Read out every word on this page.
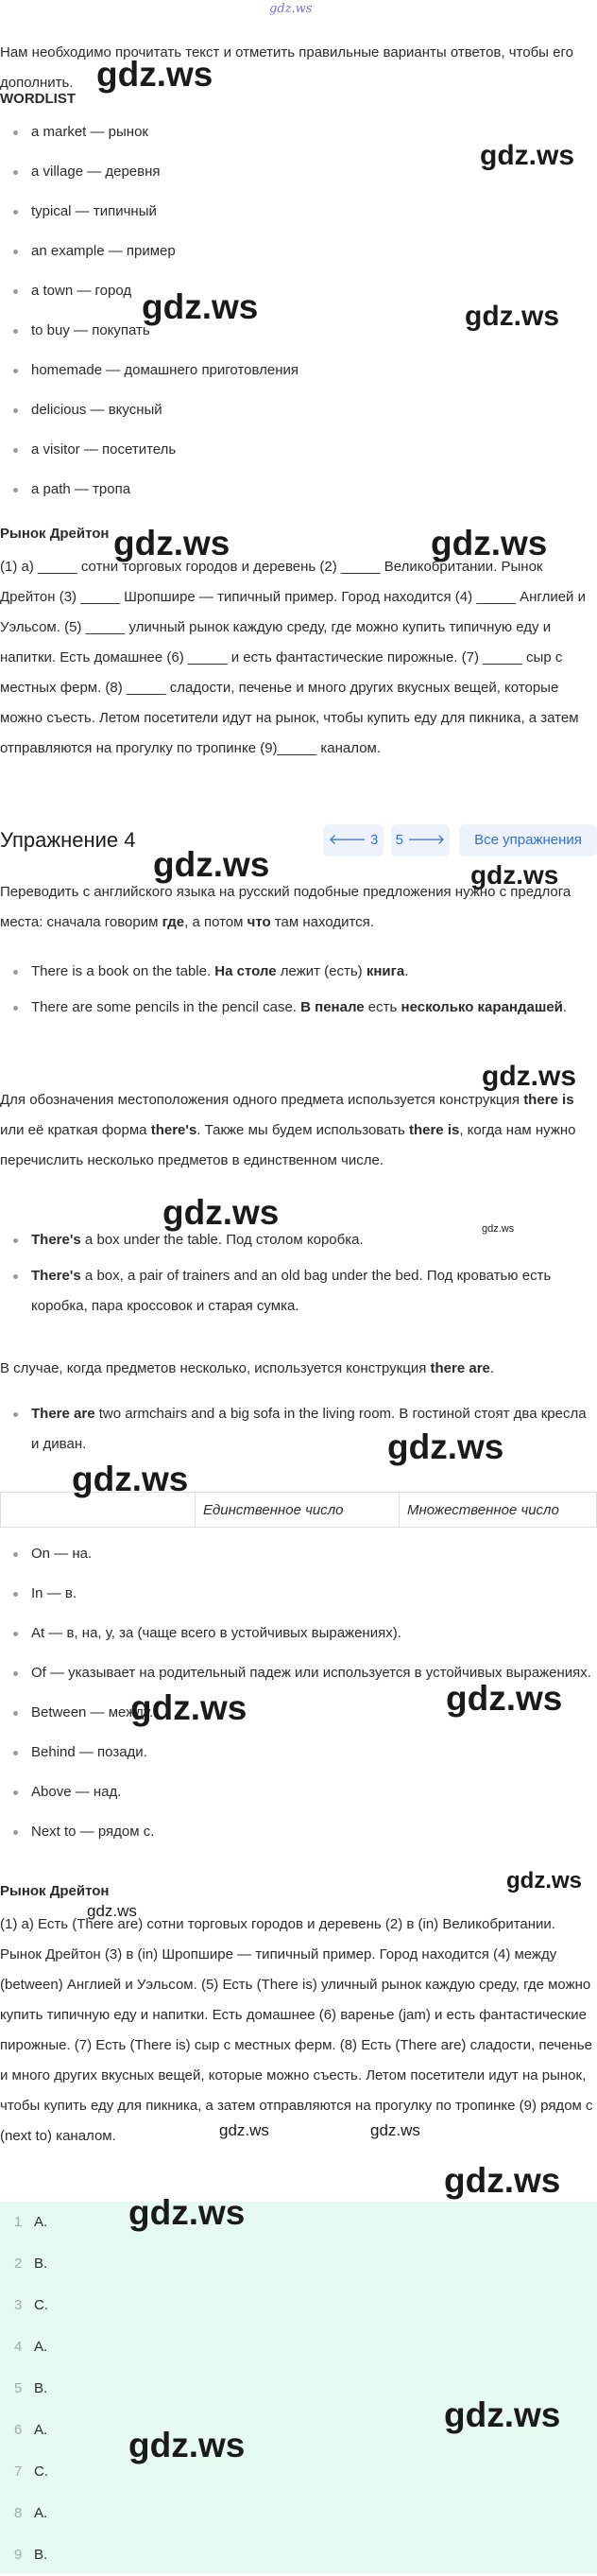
gdz.ws
Нам необходимо прочитать текст и отметить правильные варианты ответов, чтобы его дополнить.
WORDLIST
a market — рынок
a village — деревня
typical — типичный
an example — пример
a town — город
to buy — покупать
homemade — домашнего приготовления
delicious — вкусный
a visitor — посетитель
a path — тропа
Рынок Дрейтон
(1) a) _____ сотни торговых городов и деревень (2) _____ Великобритании. Рынок Дрейтон (3) _____ Шропшире — типичный пример. Город находится (4) _____ Англией и Уэльсом. (5) _____ уличный рынок каждую среду, где можно купить типичную еду и напитки. Есть домашнее (6) _____ и есть фантастические пирожные. (7) _____ сыр с местных ферм. (8) _____ сладости, печенье и много других вкусных вещей, которые можно съесть. Летом посетители идут на рынок, чтобы купить еду для пикника, а затем отправляются на прогулку по тропинке (9)_____ каналом.
Упражнение 4	🡐 3	5 🡒	Все упражнения
Переводить с английского языка на русский подобные предложения нужно с предлога места: сначала говорим где, а потом что там находится.
There is a book on the table. На столе лежит (есть) книга.
There are some pencils in the pencil case. В пенале есть несколько карандашей.
Для обозначения местоположения одного предмета используется конструкция there is или её краткая форма there's. Также мы будем использовать there is, когда нам нужно перечислить несколько предметов в единственном числе.
There's a box under the table. Под столом коробка.
There's a box, a pair of trainers and an old bag under the bed. Под кроватью есть коробка, пара кроссовок и старая сумка.
В случае, когда предметов несколько, используется конструкция there are.
There are two armchairs and a big sofa in the living room. В гостиной стоят два кресла и диван.
	Единственное число	Множественное число
On — на.
In — в.
At — в, на, у, за (чаще всего в устойчивых выражениях).
Of — указывает на родительный падеж или используется в устойчивых выражениях.
Between — между.
Behind — позади.
Above — над.
Next to — рядом с.
Рынок Дрейтон
(1) а) Есть (There are) сотни торговых городов и деревень (2) в (in) Великобритании. Рынок Дрейтон (3) в (in) Шропшире — типичный пример. Город находится (4) между (between) Англией и Уэльсом. (5) Есть (There is) уличный рынок каждую среду, где можно купить типичную еду и напитки. Есть домашнее (6) варенье (jam) и есть фантастические пирожные. (7) Есть (There is) сыр с местных ферм. (8) Есть (There are) сладости, печенье и много других вкусных вещей, которые можно съесть. Летом посетители идут на рынок, чтобы купить еду для пикника, а затем отправляются на прогулку по тропинке (9) рядом с (next to) каналом.
1 A.
2 B.
3 C.
4 A.
5 B.
6 A.
7 C.
8 A.
9 B.
gdz.ws
gdz.ws
gdz.ws	gdz.ws
gdz.ws	gdz.ws
gdz.ws	gdz.ws
gdz.ws
gdz.ws	gdz.ws
gdz.ws
gdz.ws
gdz.ws
gdz.ws
gdz.ws
gdz.ws
gdz.ws	gdz.ws
gdz.ws
gdz.ws
gdz.ws
gdz.ws
